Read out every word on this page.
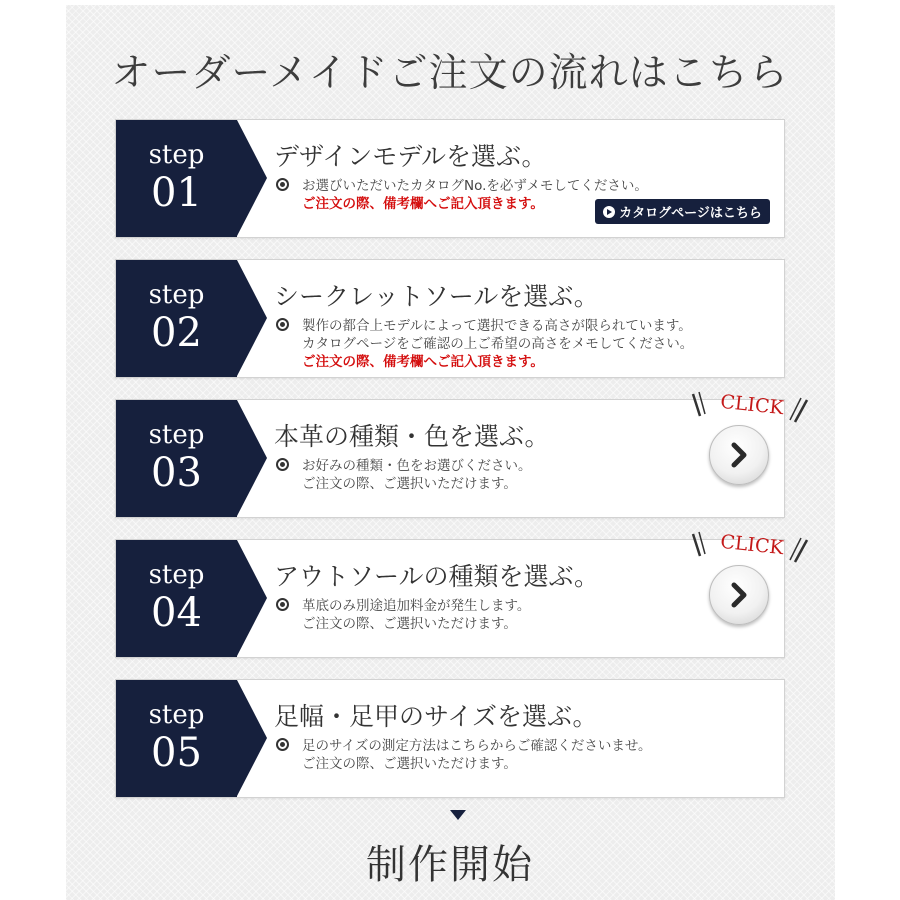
オーダーメイドご注文の流れはこちら
step
01
デザインモデルを選ぶ。
お選びいただいたカタログNo.を必ずメモしてください。
ご注文の際、備考欄へご記入頂きます。
カタログページはこちら
step
02
シークレットソールを選ぶ。
製作の都合上モデルによって選択できる高さが限られています。
カタログページをご確認の上ご希望の高さをメモしてください。
ご注文の際、備考欄へご記入頂きます。
step
03
本革の種類・色を選ぶ。
お好みの種類・色をお選びください。
ご注文の際、ご選択いただけます。
CLICK
step
04
アウトソールの種類を選ぶ。
革底のみ別途追加料金が発生します。
ご注文の際、ご選択いただけます。
CLICK
step
05
足幅・足甲のサイズを選ぶ。
足のサイズの測定方法はこちらからご確認くださいませ。
ご注文の際、ご選択いただけます。
制作開始
